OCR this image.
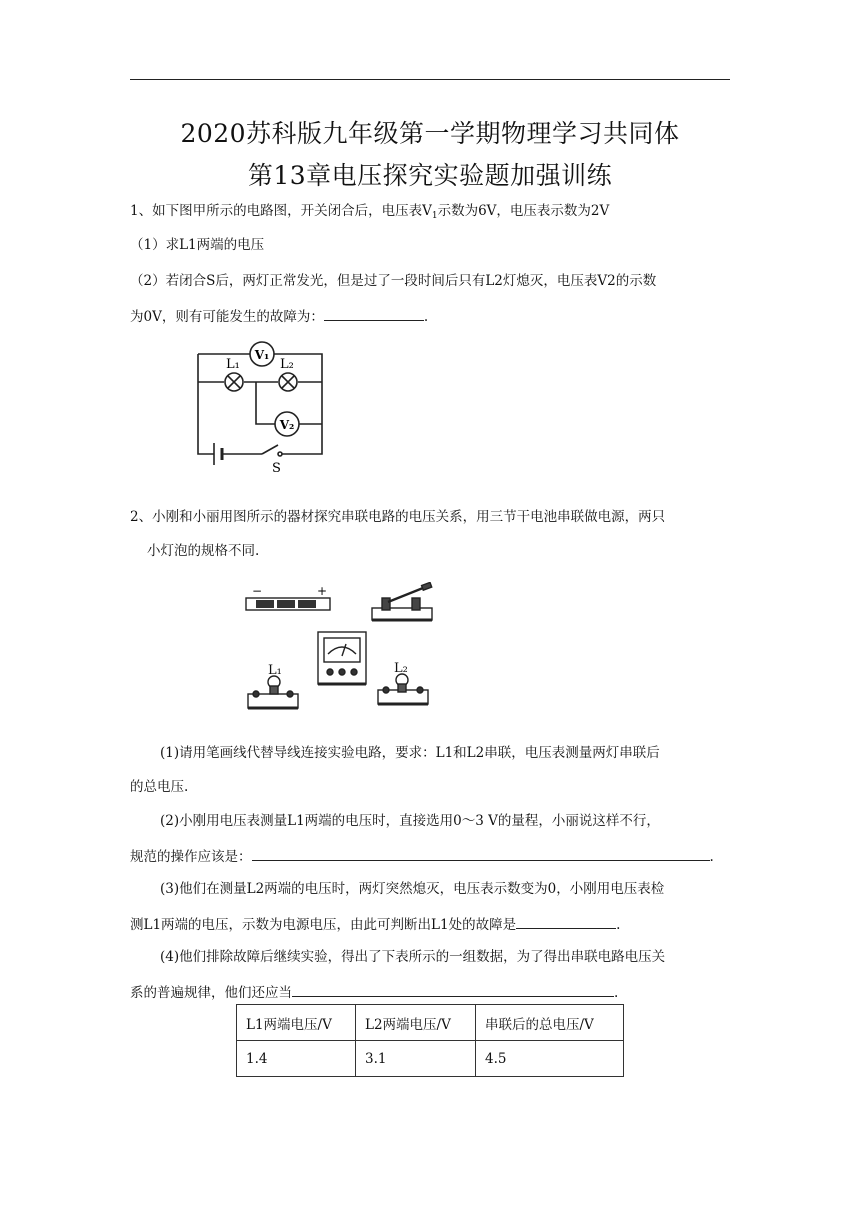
2020苏科版九年级第一学期物理学习共同体
第13章电压探究实验题加强训练
1、如下图甲所示的电路图，开关闭合后，电压表$V_1$示数为6V，电压表示数为2V
（1）求L1两端的电压
（2）若闭合S后，两灯正常发光，但是过了一段时间后只有L2灯熄灭，电压表V2的示数
为0V，则有可能发生的故障为：	.
V₁
V₂
L₁	L₂
S
2、小刚和小丽用图所示的器材探究串联电路的电压关系，用三节干电池串联做电源，两只
小灯泡的规格不同.
−	+
L₁	L₂
(1)请用笔画线代替导线连接实验电路，要求：L1和L2串联，电压表测量两灯串联后
的总电压.
(2)小刚用电压表测量L1两端的电压时，直接选用0～3 V的量程，小丽说这样不行，
规范的操作应该是：	.
(3)他们在测量L2两端的电压时，两灯突然熄灭，电压表示数变为0，小刚用电压表检
测L1两端的电压，示数为电源电压，由此可判断出L1处的故障是	.
(4)他们排除故障后继续实验，得出了下表所示的一组数据，为了得出串联电路电压关
系的普遍规律，他们还应当	.
L1两端电压/V	L2两端电压/V	串联后的总电压/V
1.4	3.1	4.5
